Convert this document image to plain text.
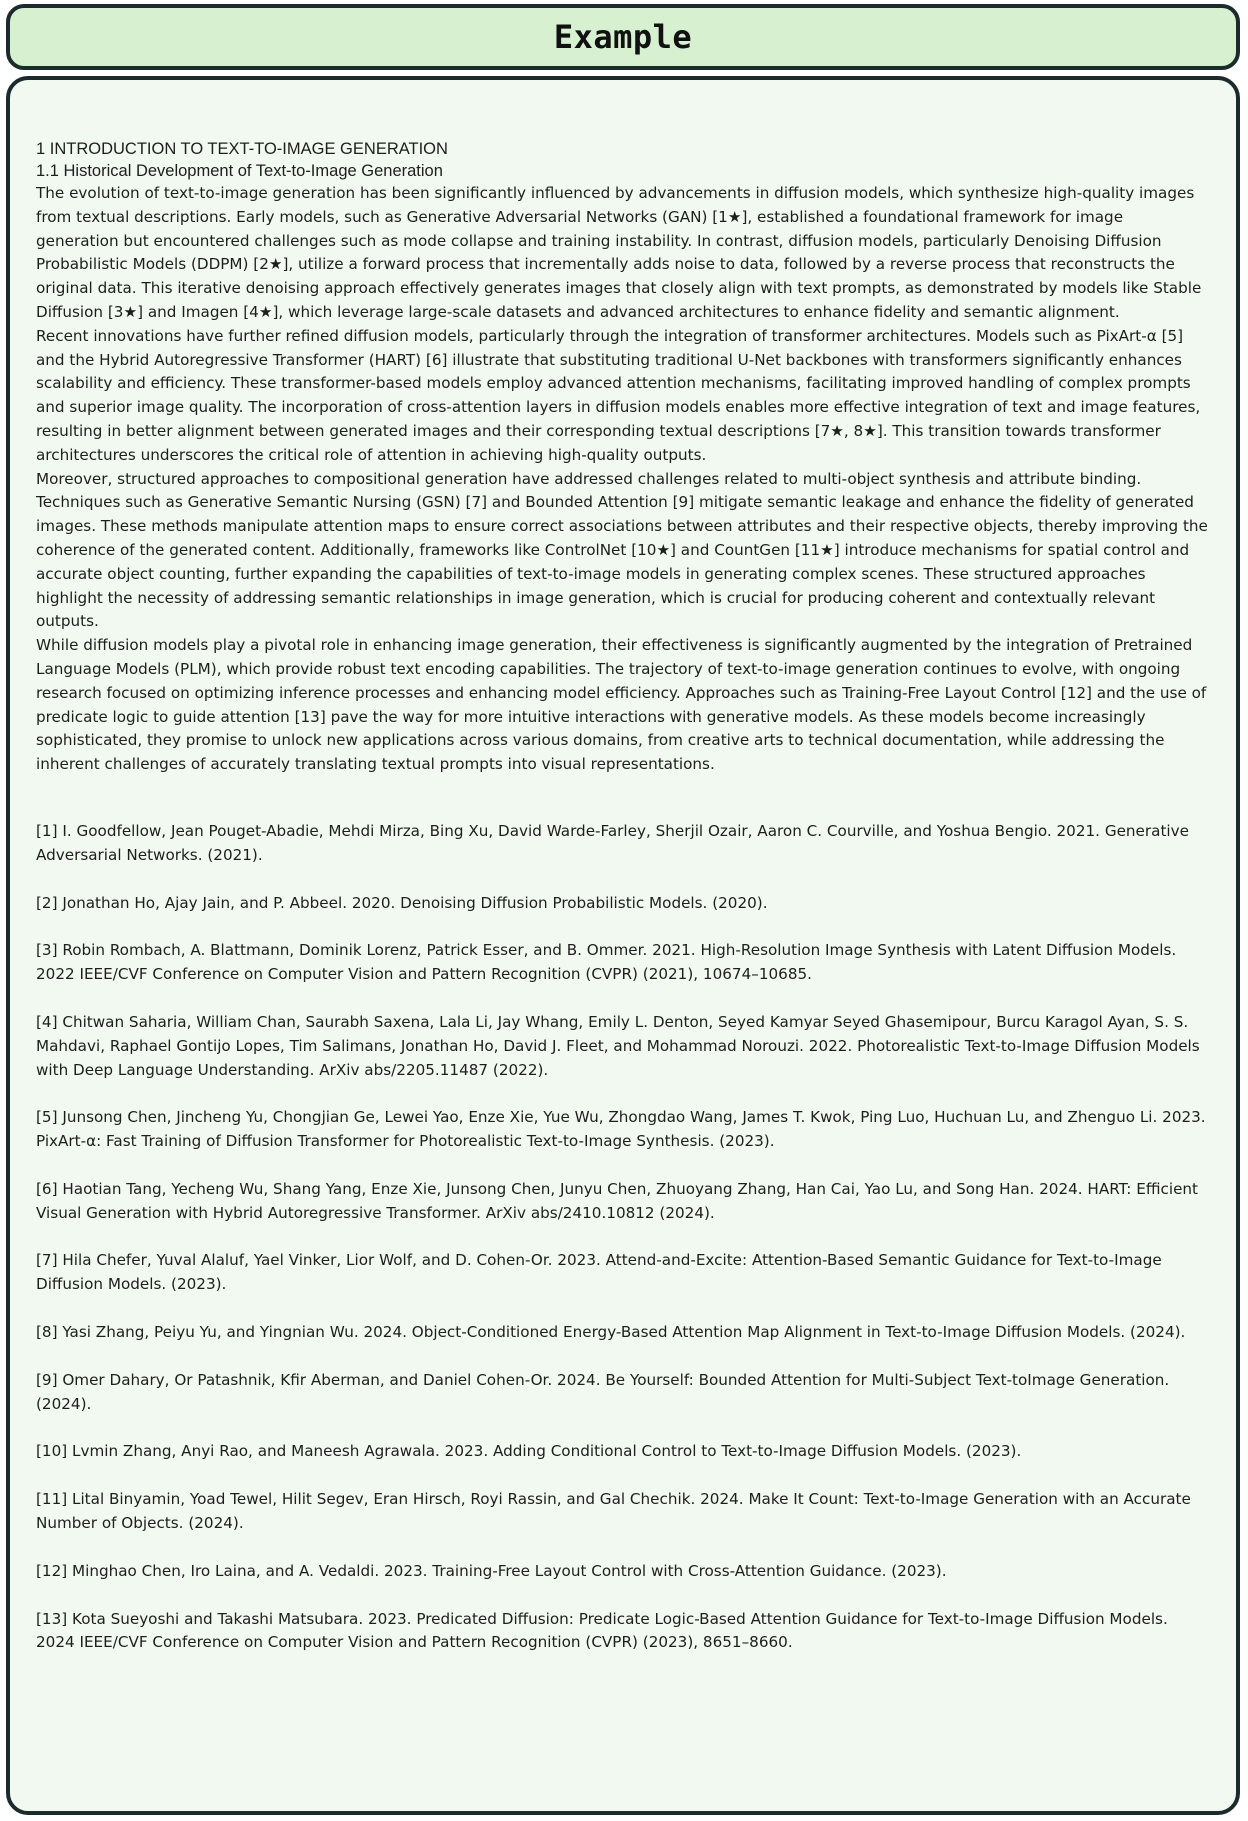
Example

1 INTRODUCTION TO TEXT-TO-IMAGE GENERATION

1.1 Historical Development of Text-to-Image Generation

The evolution of text-to-image generation has been significantly influenced by advancements in diffusion models, which synthesize high-quality images from textual descriptions. Early models, such as Generative Adversarial Networks (GAN) [1★], established a foundational framework for image generation but encountered challenges such as mode collapse and training instability. In contrast, diffusion models, particularly Denoising Diffusion Probabilistic Models (DDPM) [2★], utilize a forward process that incrementally adds noise to data, followed by a reverse process that reconstructs the original data. This iterative denoising approach effectively generates images that closely align with text prompts, as demonstrated by models like Stable Diffusion [3★] and Imagen [4★], which leverage large-scale datasets and advanced architectures to enhance fidelity and semantic alignment.

Recent innovations have further refined diffusion models, particularly through the integration of transformer architectures. Models such as PixArt-α [5] and the Hybrid Autoregressive Transformer (HART) [6] illustrate that substituting traditional U-Net backbones with transformers significantly enhances scalability and efficiency. These transformer-based models employ advanced attention mechanisms, facilitating improved handling of complex prompts and superior image quality. The incorporation of cross-attention layers in diffusion models enables more effective integration of text and image features, resulting in better alignment between generated images and their corresponding textual descriptions [7★, 8★]. This transition towards transformer architectures underscores the critical role of attention in achieving high-quality outputs.

Moreover, structured approaches to compositional generation have addressed challenges related to multi-object synthesis and attribute binding. Techniques such as Generative Semantic Nursing (GSN) [7] and Bounded Attention [9] mitigate semantic leakage and enhance the fidelity of generated images. These methods manipulate attention maps to ensure correct associations between attributes and their respective objects, thereby improving the coherence of the generated content. Additionally, frameworks like ControlNet [10★] and CountGen [11★] introduce mechanisms for spatial control and accurate object counting, further expanding the capabilities of text-to-image models in generating complex scenes. These structured approaches highlight the necessity of addressing semantic relationships in image generation, which is crucial for producing coherent and contextually relevant outputs.

While diffusion models play a pivotal role in enhancing image generation, their effectiveness is significantly augmented by the integration of Pretrained Language Models (PLM), which provide robust text encoding capabilities. The trajectory of text-to-image generation continues to evolve, with ongoing research focused on optimizing inference processes and enhancing model efficiency. Approaches such as Training-Free Layout Control [12] and the use of predicate logic to guide attention [13] pave the way for more intuitive interactions with generative models. As these models become increasingly sophisticated, they promise to unlock new applications across various domains, from creative arts to technical documentation, while addressing the inherent challenges of accurately translating textual prompts into visual representations.

[1] I. Goodfellow, Jean Pouget-Abadie, Mehdi Mirza, Bing Xu, David Warde-Farley, Sherjil Ozair, Aaron C. Courville, and Yoshua Bengio. 2021. Generative Adversarial Networks. (2021).

[2] Jonathan Ho, Ajay Jain, and P. Abbeel. 2020. Denoising Diffusion Probabilistic Models. (2020).

[3] Robin Rombach, A. Blattmann, Dominik Lorenz, Patrick Esser, and B. Ommer. 2021. High-Resolution Image Synthesis with Latent Diffusion Models. 2022 IEEE/CVF Conference on Computer Vision and Pattern Recognition (CVPR) (2021), 10674–10685.

[4] Chitwan Saharia, William Chan, Saurabh Saxena, Lala Li, Jay Whang, Emily L. Denton, Seyed Kamyar Seyed Ghasemipour, Burcu Karagol Ayan, S. S. Mahdavi, Raphael Gontijo Lopes, Tim Salimans, Jonathan Ho, David J. Fleet, and Mohammad Norouzi. 2022. Photorealistic Text-to-Image Diffusion Models with Deep Language Understanding. ArXiv abs/2205.11487 (2022).

[5] Junsong Chen, Jincheng Yu, Chongjian Ge, Lewei Yao, Enze Xie, Yue Wu, Zhongdao Wang, James T. Kwok, Ping Luo, Huchuan Lu, and Zhenguo Li. 2023. PixArt-α: Fast Training of Diffusion Transformer for Photorealistic Text-to-Image Synthesis. (2023).

[6] Haotian Tang, Yecheng Wu, Shang Yang, Enze Xie, Junsong Chen, Junyu Chen, Zhuoyang Zhang, Han Cai, Yao Lu, and Song Han. 2024. HART: Efficient Visual Generation with Hybrid Autoregressive Transformer. ArXiv abs/2410.10812 (2024).

[7] Hila Chefer, Yuval Alaluf, Yael Vinker, Lior Wolf, and D. Cohen-Or. 2023. Attend-and-Excite: Attention-Based Semantic Guidance for Text-to-Image Diffusion Models. (2023).

[8] Yasi Zhang, Peiyu Yu, and Yingnian Wu. 2024. Object-Conditioned Energy-Based Attention Map Alignment in Text-to-Image Diffusion Models. (2024).

[9] Omer Dahary, Or Patashnik, Kfir Aberman, and Daniel Cohen-Or. 2024. Be Yourself: Bounded Attention for Multi-Subject Text-toImage Generation. (2024).

[10] Lvmin Zhang, Anyi Rao, and Maneesh Agrawala. 2023. Adding Conditional Control to Text-to-Image Diffusion Models. (2023).

[11] Lital Binyamin, Yoad Tewel, Hilit Segev, Eran Hirsch, Royi Rassin, and Gal Chechik. 2024. Make It Count: Text-to-Image Generation with an Accurate Number of Objects. (2024).

[12] Minghao Chen, Iro Laina, and A. Vedaldi. 2023. Training-Free Layout Control with Cross-Attention Guidance. (2023).

[13] Kota Sueyoshi and Takashi Matsubara. 2023. Predicated Diffusion: Predicate Logic-Based Attention Guidance for Text-to-Image Diffusion Models. 2024 IEEE/CVF Conference on Computer Vision and Pattern Recognition (CVPR) (2023), 8651–8660.
